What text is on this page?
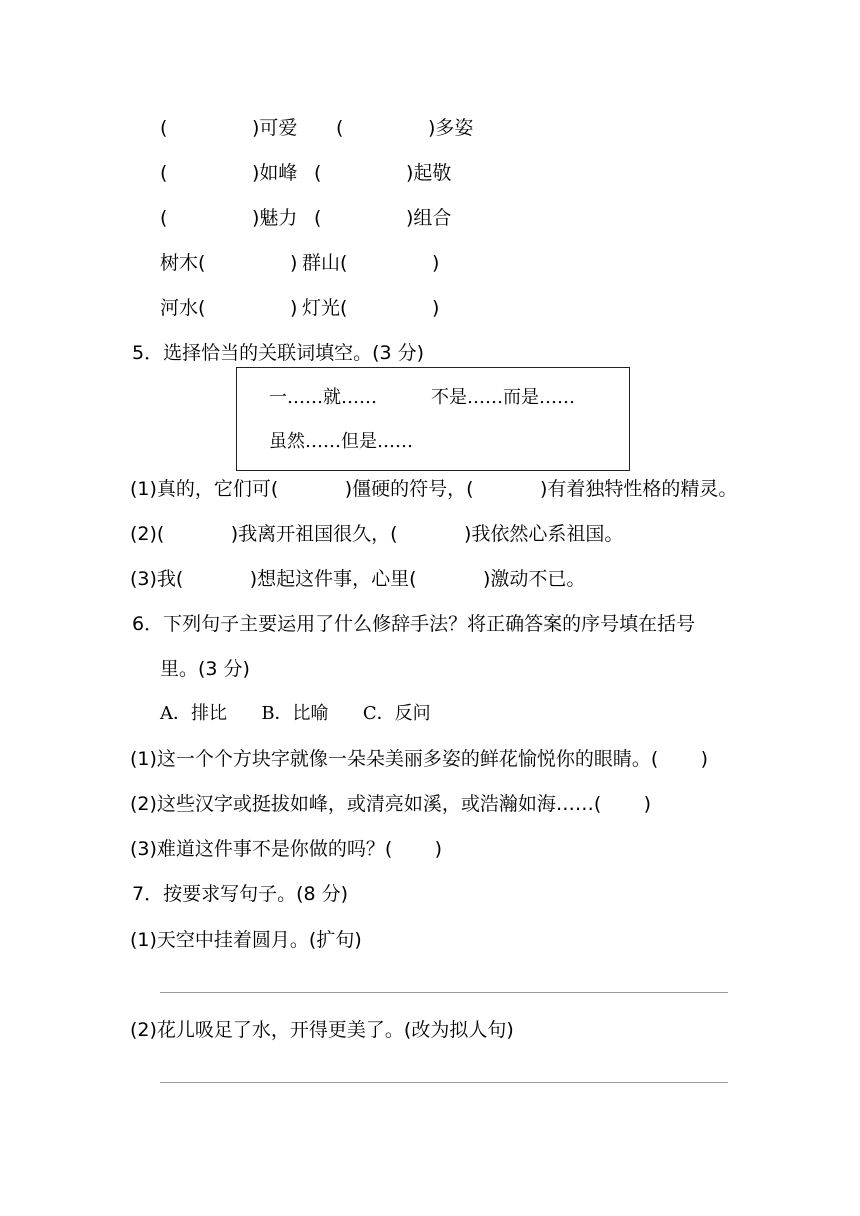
(              )可爱 (              )多姿
(              )如峰 (              )起敬
(              )魅力 (              )组合
树木(              ) 群山(              )
河水(              ) 灯光(              )
5．选择恰当的关联词填空。(3 分)
一……就……	不是……而是……
虽然……但是……
(1)真的，它们可(           )僵硬的符号，(           )有着独特性格的精灵。
(2)(           )我离开祖国很久，(           )我依然心系祖国。
(3)我(           )想起这件事，心里(           )激动不已。
6．下列句子主要运用了什么修辞手法？将正确答案的序号填在括号
里。(3 分)
A．排比      B．比喻      C．反问
(1)这一个个方块字就像一朵朵美丽多姿的鲜花愉悦你的眼睛。(       )
(2)这些汉字或挺拔如峰，或清亮如溪，或浩瀚如海……(       )
(3)难道这件事不是你做的吗？(       )
7．按要求写句子。(8 分)
(1)天空中挂着圆月。(扩句)
(2)花儿吸足了水，开得更美了。(改为拟人句)
